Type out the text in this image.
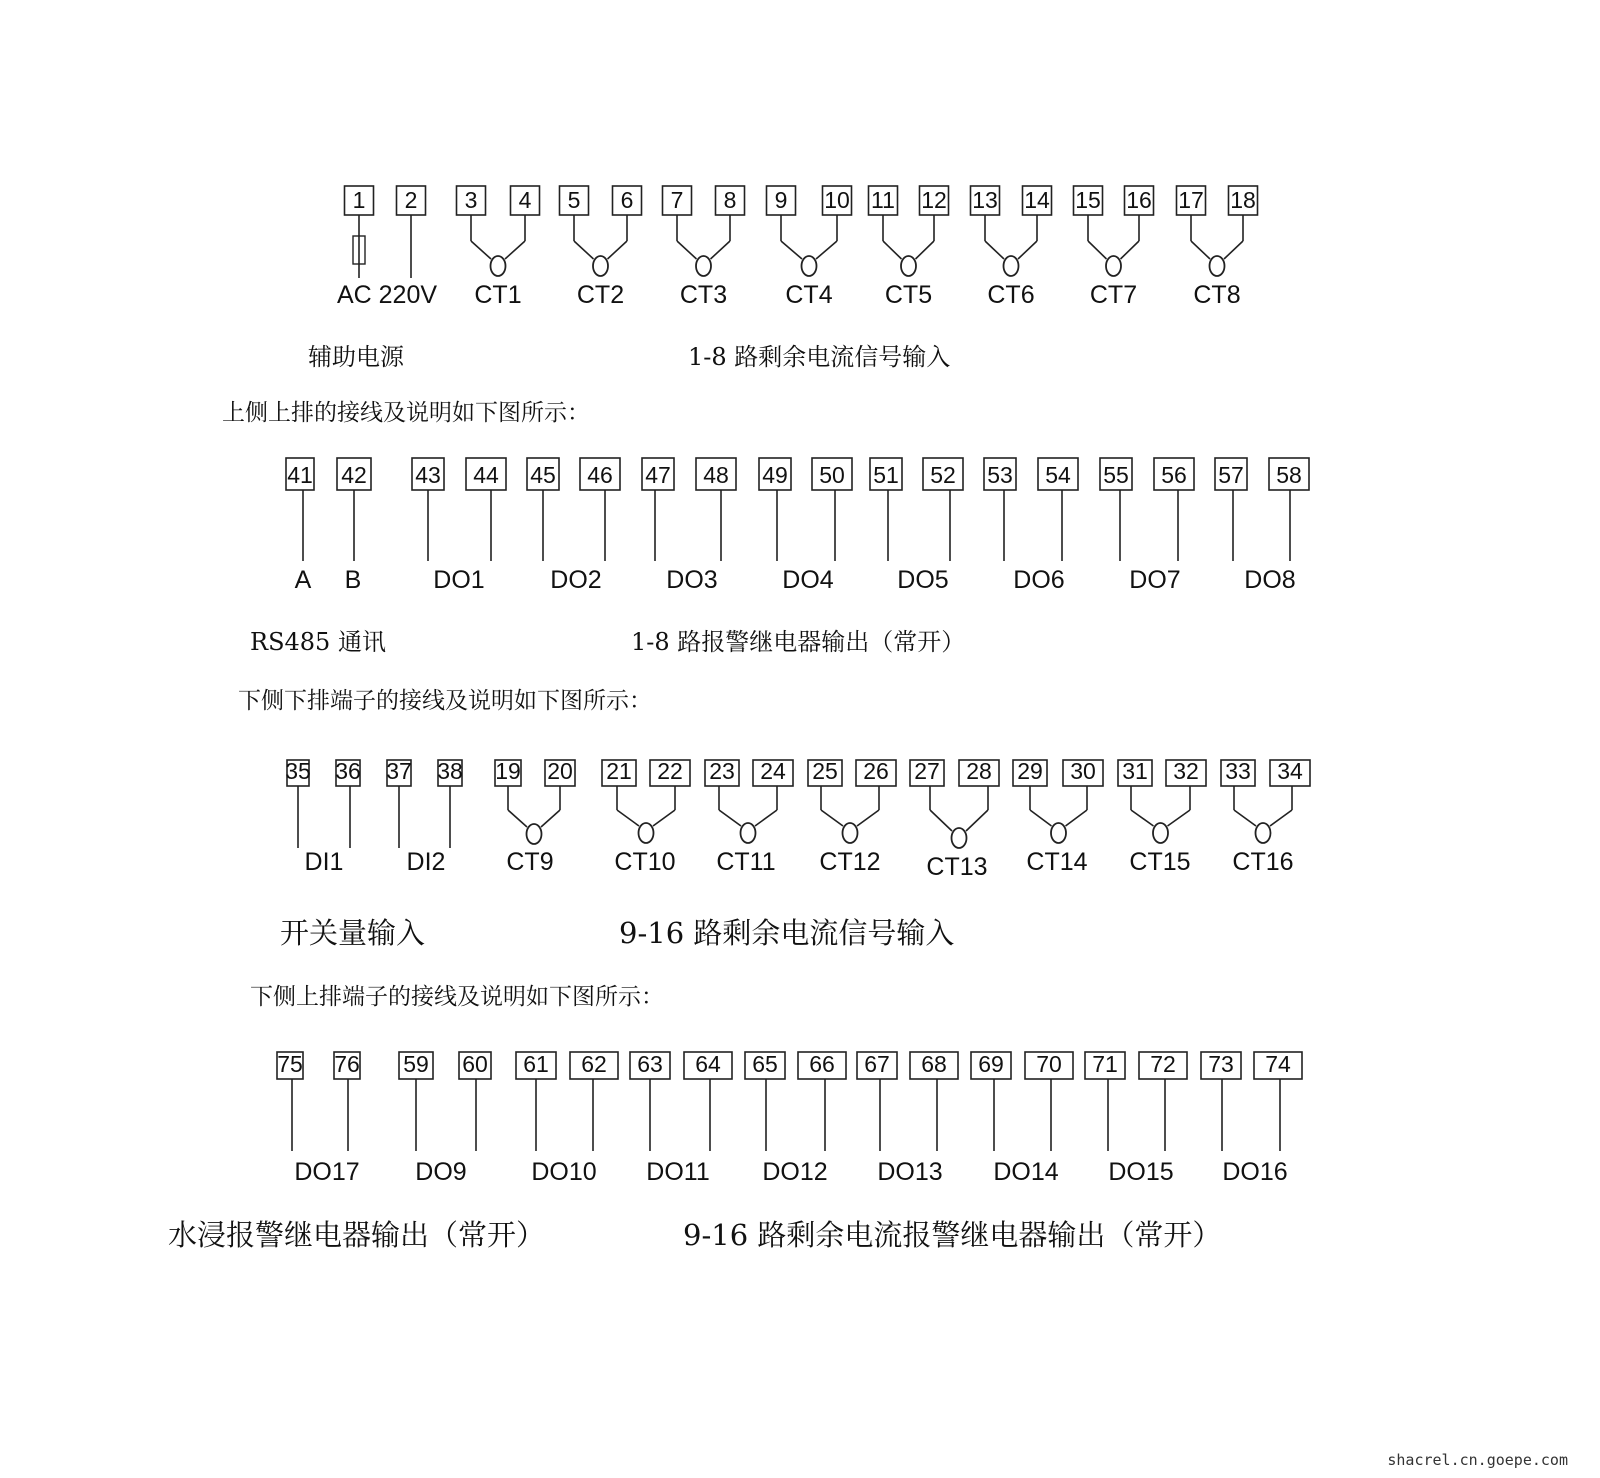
1 2 3 4 5 6 7 8 9 10 11 12 13 14 15 16 17 18
AC 220V CT1 CT2 CT3 CT4 CT5 CT6 CT7 CT8
辅助电源	1-8 路剩余电流信号输入
上侧上排的接线及说明如下图所示：
41 42 43 44 45 46 47 48 49 50 51 52 53 54 55 56 57 58
A B	DO1	DO2	DO3	DO4	DO5	DO6	DO7	DO8
RS485 通讯	1-8 路报警继电器输出（常开）
下侧下排端子的接线及说明如下图所示：
35 36 37 38 19 20 21 22 23 24 25 26 27 28 29 30 31 32 33 34
DI1	DI2 CT9 CT10 CT11 CT12 CT13 CT14 CT15 CT16
开关量输入	9-16 路剩余电流信号输入
下侧上排端子的接线及说明如下图所示：
75 76 59 60 61 62 63 64 65 66 67 68 69 70 71 72 73 74
DO17 DO9	DO10 DO11 DO12 DO13 DO14 DO15 DO16
水浸报警继电器输出（常开）	9-16 路剩余电流报警继电器输出（常开）
shacrel.cn.goepe.com
